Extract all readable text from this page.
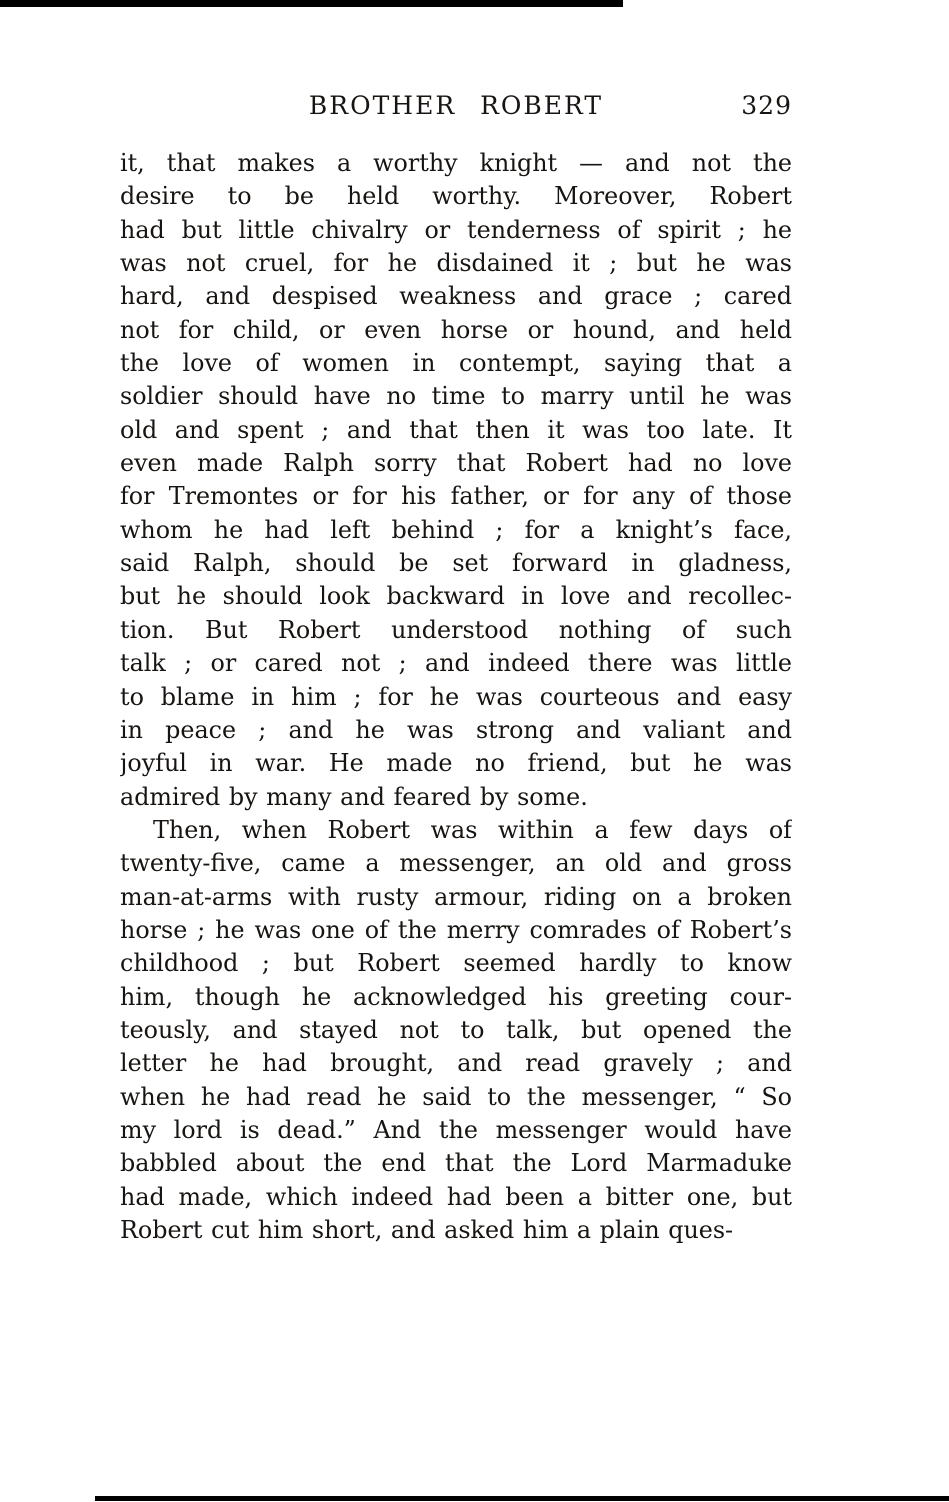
BROTHER ROBERT	329
it, that makes a worthy knight — and not the
desire to be held worthy. Moreover, Robert
had but little chivalry or tenderness of spirit ; he
was not cruel, for he disdained it ; but he was
hard, and despised weakness and grace ; cared
not for child, or even horse or hound, and held
the love of women in contempt, saying that a
soldier should have no time to marry until he was
old and spent ; and that then it was too late. It
even made Ralph sorry that Robert had no love
for Tremontes or for his father, or for any of those
whom he had left behind ; for a knight’s face,
said Ralph, should be set forward in gladness,
but he should look backward in love and recollec-
tion. But Robert understood nothing of such
talk ; or cared not ; and indeed there was little
to blame in him ; for he was courteous and easy
in peace ; and he was strong and valiant and
joyful in war. He made no friend, but he was
admired by many and feared by some.
Then, when Robert was within a few days of
twenty-five, came a messenger, an old and gross
man-at-arms with rusty armour, riding on a broken
horse ; he was one of the merry comrades of Robert’s
childhood ; but Robert seemed hardly to know
him, though he acknowledged his greeting cour-
teously, and stayed not to talk, but opened the
letter he had brought, and read gravely ; and
when he had read he said to the messenger, “ So
my lord is dead.” And the messenger would have
babbled about the end that the Lord Marmaduke
had made, which indeed had been a bitter one, but
Robert cut him short, and asked him a plain ques-
